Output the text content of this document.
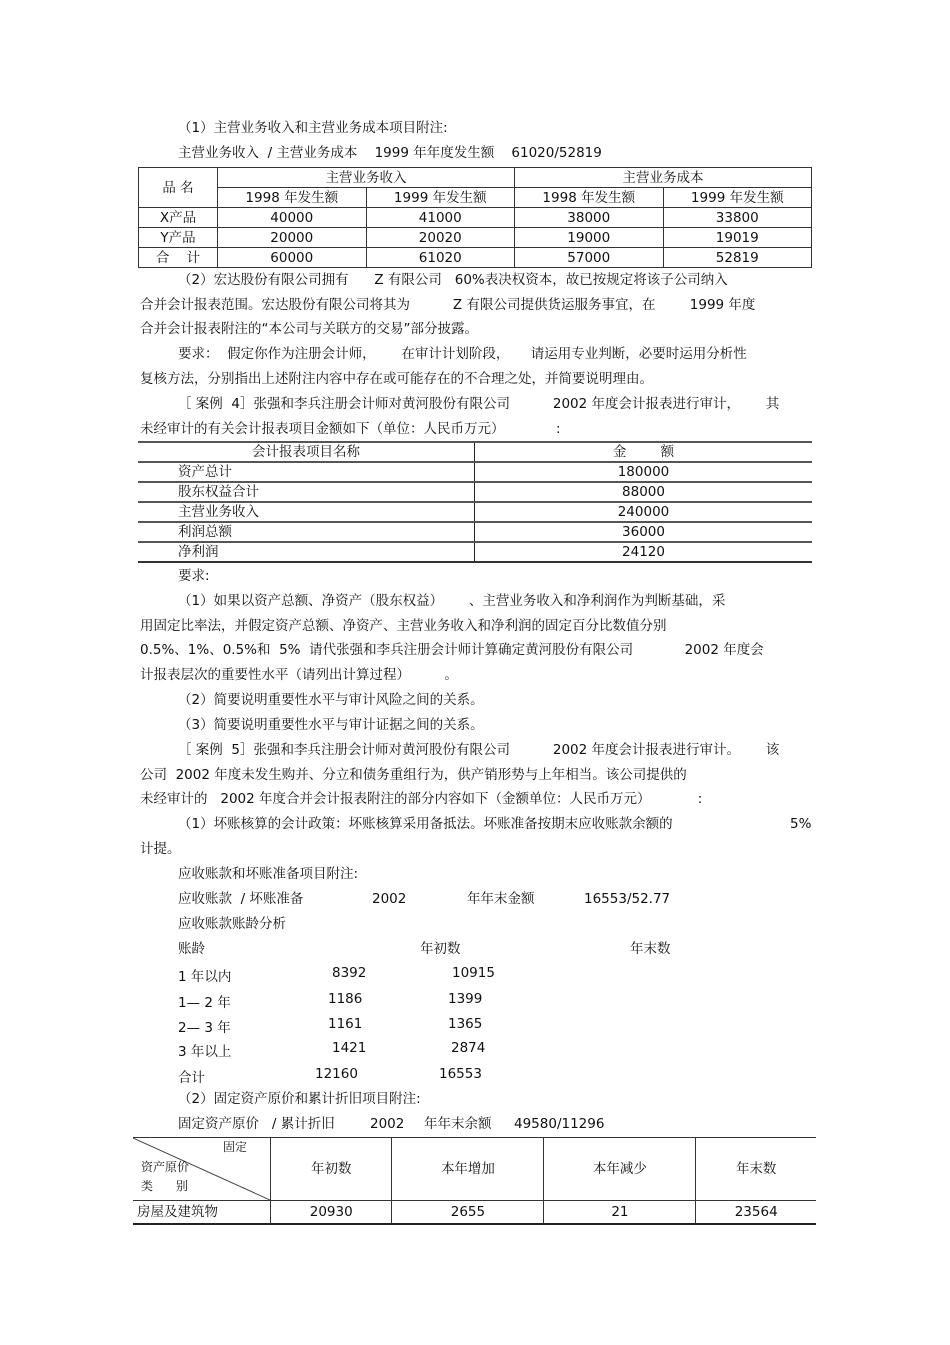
（1）主营业务收入和主营业务成本项目附注:
主营业务收入  / 主营业务成本    1999 年年度发生额    61020/52819
品 名	主营业务收入		主营业务成本	
	1998 年发生额	1999 年发生额	1998 年发生额	1999 年发生额
X产品	40000	41000	38000	33800
Y产品	20000	20020	19000	19019
合    计	60000	61020	57000	52819
（2）宏达股份有限公司拥有      Z 有限公司   60%表决权资本，故已按规定将该子公司纳入
合并会计报表范围。宏达股份有限公司将其为          Z 有限公司提供货运服务事宜，在        1999 年度
合并会计报表附注的“本公司与关联方的交易”部分披露。
要求：  假定你作为注册会计师，      在审计计划阶段，     请运用专业判断，必要时运用分析性
复核方法，分别指出上述附注内容中存在或可能存在的不合理之处，并简要说明理由。
［ 案例  4］张强和李兵注册会计师对黄河股份有限公司          2002 年度会计报表进行审计，      其
未经审计的有关会计报表项目金额如下（单位：人民币万元）            :
会计报表项目名称	金        额
资产总计	180000
股东权益合计	88000
主营业务收入	240000
利润总额	36000
净利润	24120
要求:
（1）如果以资产总额、净资产（股东权益）      、主营业务收入和净利润作为判断基础，采
用固定比率法，并假定资产总额、净资产、主营业务收入和净利润的固定百分比数值分别
0.5%、1%、0.5%和  5%  请代张强和李兵注册会计师计算确定黄河股份有限公司            2002 年度会
计报表层次的重要性水平（请列出计算过程）        。
（2）简要说明重要性水平与审计风险之间的关系。
（3）简要说明重要性水平与审计证据之间的关系。
［ 案例  5］张强和李兵注册会计师对黄河股份有限公司          2002 年度会计报表进行审计。      该
公司  2002 年度未发生购并、分立和债务重组行为，供产销形势与上年相当。该公司提供的
未经审计的   2002 年度合并会计报表附注的部分内容如下（金额单位：人民币万元）           :
（1）坏账核算的会计政策：坏账核算采用备抵法。坏账准备按期末应收账款余额的	5%
计提。
应收账款和坏账准备项目附注:
应收账款  / 坏账准备	2002	年年末金额	16553/52.77
应收账款账龄分析
账龄	年初数	年末数
1 年以内	8392	10915
1— 2 年	1186	1399
2— 3 年	1161	1365
3 年以上	1421	2874
合计	12160	16553
（2）固定资产原价和累计折旧项目附注:
固定资产原价   / 累计折旧	2002 年年末余额 49580/11296
固定
资产原价
类      别	年初数	本年增加	本年减少	年末数
房屋及建筑物	20930	2655	21	23564
